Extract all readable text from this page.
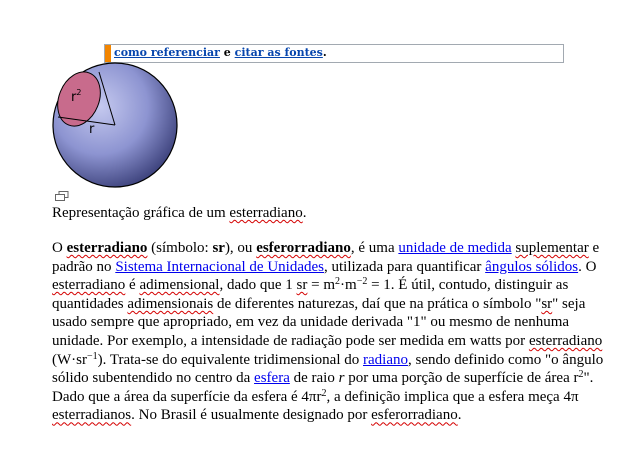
como referenciar e citar as fontes.
$r^2$
r
Representação gráfica de um esterradiano.

O esterradiano (símbolo: sr), ou esferorradiano, é uma unidade de medida suplementar e padrão no Sistema Internacional de Unidades, utilizada para quantificar ângulos sólidos. O esterradiano é adimensional, dado que 1 sr = $m^2\cdot m^{-2} = 1$. É útil, contudo, distinguir as quantidades adimensionais de diferentes naturezas, daí que na prática o símbolo "sr" seja usado sempre que apropriado, em vez da unidade derivada "1" ou mesmo de nenhuma unidade. Por exemplo, a intensidade de radiação pode ser medida em watts por esterradiano $(W\cdot sr^{-1})$. Trata-se do equivalente tridimensional do radiano, sendo definido como "o ângulo sólido subentendido no centro da esfera de raio r por uma porção de superfície de área $r^2$". Dado que a área da superfície da esfera é $4\pi r^2$, a definição implica que a esfera meça 4π esterradianos. No Brasil é usualmente designado por esferorradiano.
